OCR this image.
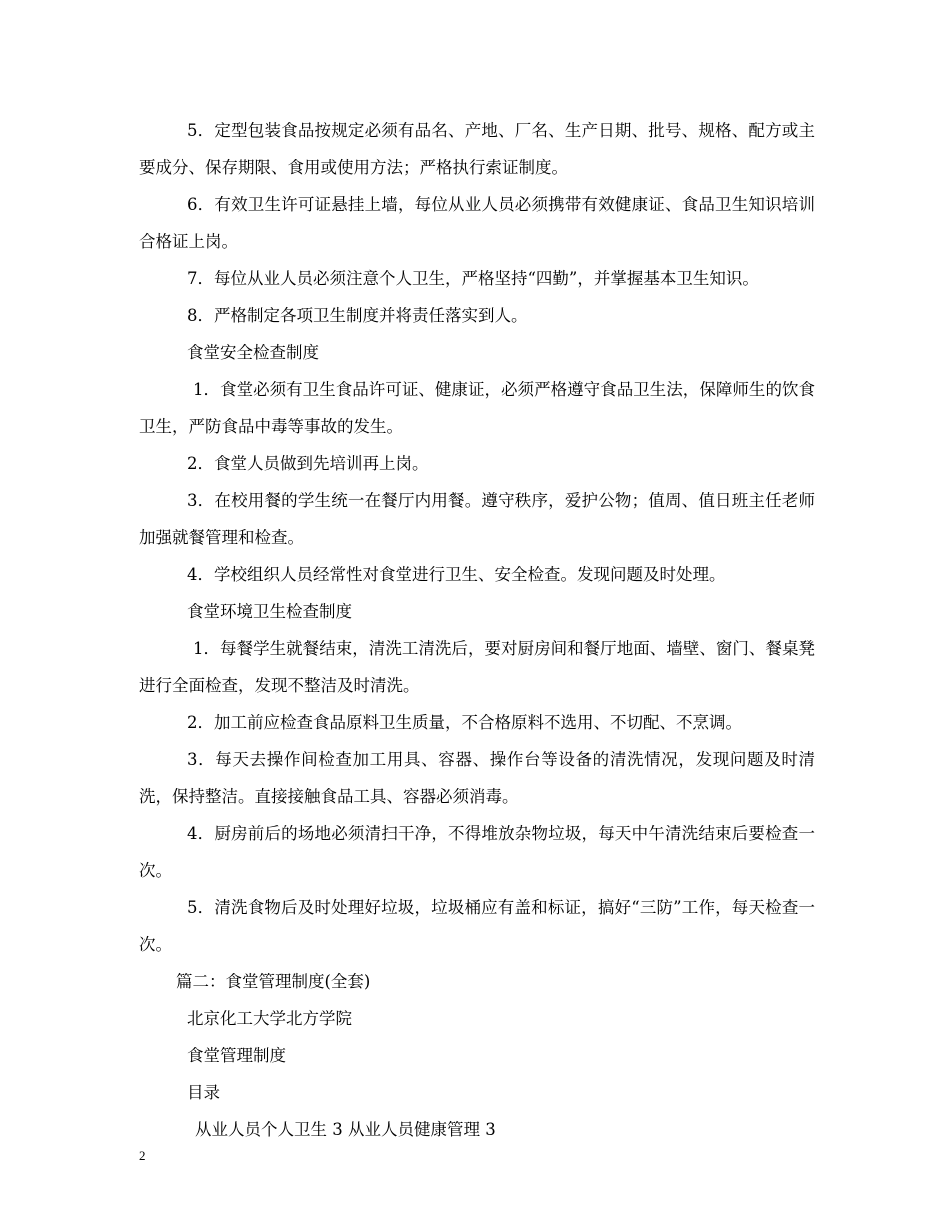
5．定型包装食品按规定必须有品名、产地、厂名、生产日期、批号、规格、配方或主要成分、保存期限、食用或使用方法；严格执行索证制度。

6．有效卫生许可证悬挂上墙，每位从业人员必须携带有效健康证、食品卫生知识培训合格证上岗。

7．每位从业人员必须注意个人卫生，严格坚持“四勤”，并掌握基本卫生知识。

8．严格制定各项卫生制度并将责任落实到人。

食堂安全检查制度

1．食堂必须有卫生食品许可证、健康证，必须严格遵守食品卫生法，保障师生的饮食卫生，严防食品中毒等事故的发生。

2．食堂人员做到先培训再上岗。

3．在校用餐的学生统一在餐厅内用餐。遵守秩序，爱护公物；值周、值日班主任老师加强就餐管理和检查。

4．学校组织人员经常性对食堂进行卫生、安全检查。发现问题及时处理。

食堂环境卫生检查制度

1．每餐学生就餐结束，清洗工清洗后，要对厨房间和餐厅地面、墙壁、窗门、餐桌凳进行全面检查，发现不整洁及时清洗。

2．加工前应检查食品原料卫生质量，不合格原料不选用、不切配、不烹调。

3．每天去操作间检查加工用具、容器、操作台等设备的清洗情况，发现问题及时清洗，保持整洁。直接接触食品工具、容器必须消毒。

4．厨房前后的场地必须清扫干净，不得堆放杂物垃圾，每天中午清洗结束后要检查一次。

5．清洗食物后及时处理好垃圾，垃圾桶应有盖和标证，搞好“三防”工作，每天检查一次。

篇二：食堂管理制度(全套)

北京化工大学北方学院

食堂管理制度

目录

从业人员个人卫生 3 从业人员健康管理 3

2
